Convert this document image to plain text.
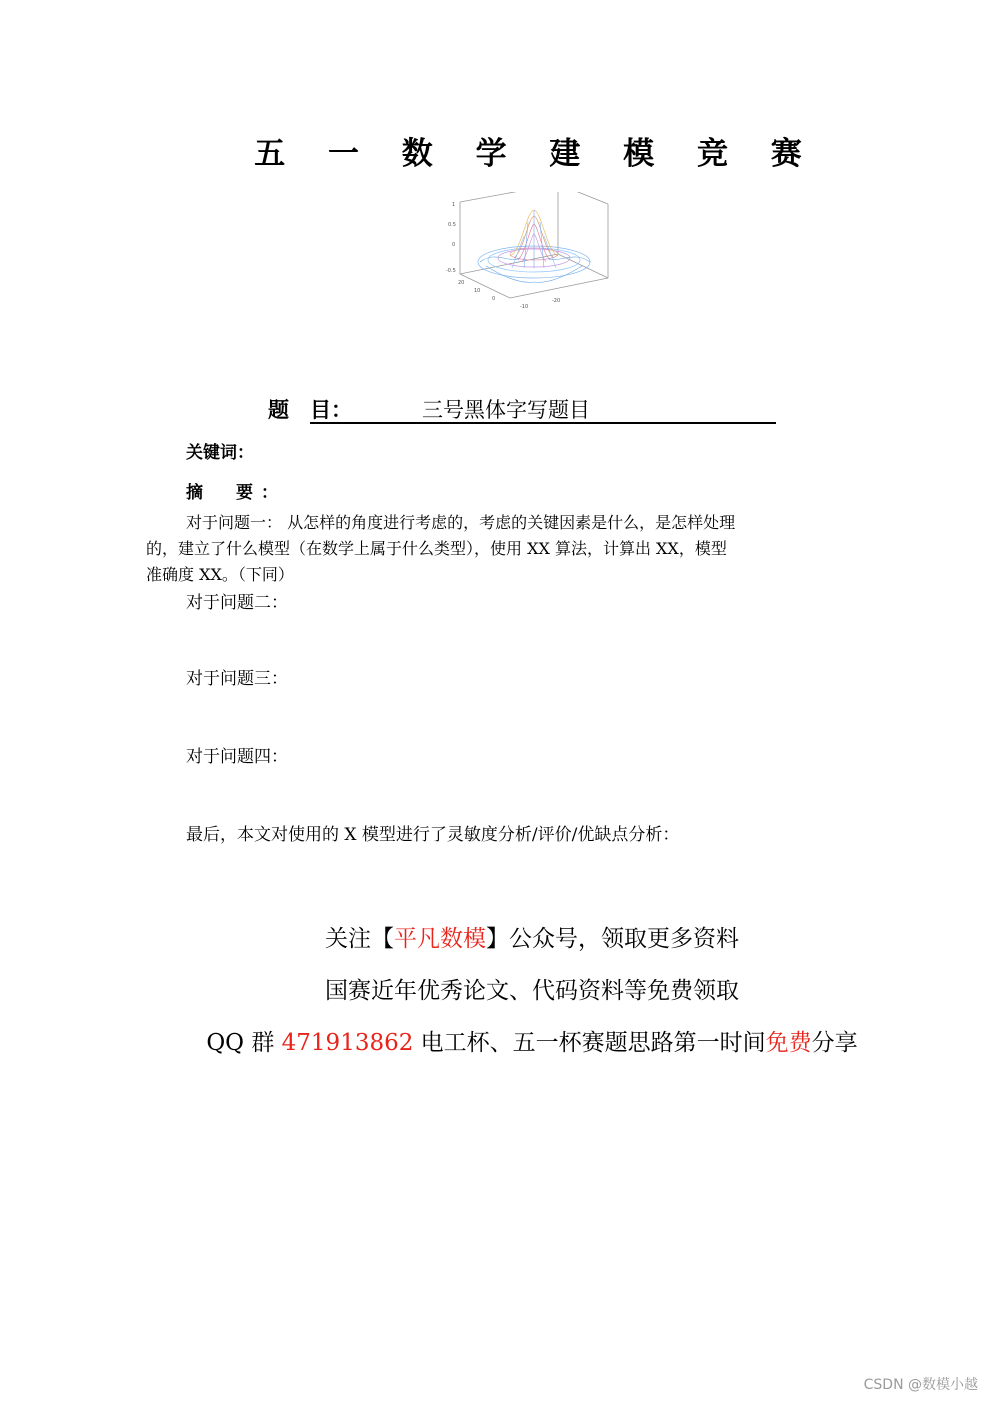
五 一 数 学 建 模 竞 赛
1
0.5
0
-0.5
20
10
0
-10
-20
题　目：	三号黑体字写题目
关键词：
摘　要：
对于问题一： 从怎样的角度进行考虑的，考虑的关键因素是什么，是怎样处理
的，建立了什么模型（在数学上属于什么类型），使用 XX 算法，计算出 XX，模型
准确度 XX。（下同）
对于问题二：
对于问题三：
对于问题四：
最后，本文对使用的 X 模型进行了灵敏度分析/评价/优缺点分析：
关注【平凡数模】公众号，领取更多资料
国赛近年优秀论文、代码资料等免费领取
QQ 群 471913862 电工杯、五一杯赛题思路第一时间免费分享
CSDN @数模小越
